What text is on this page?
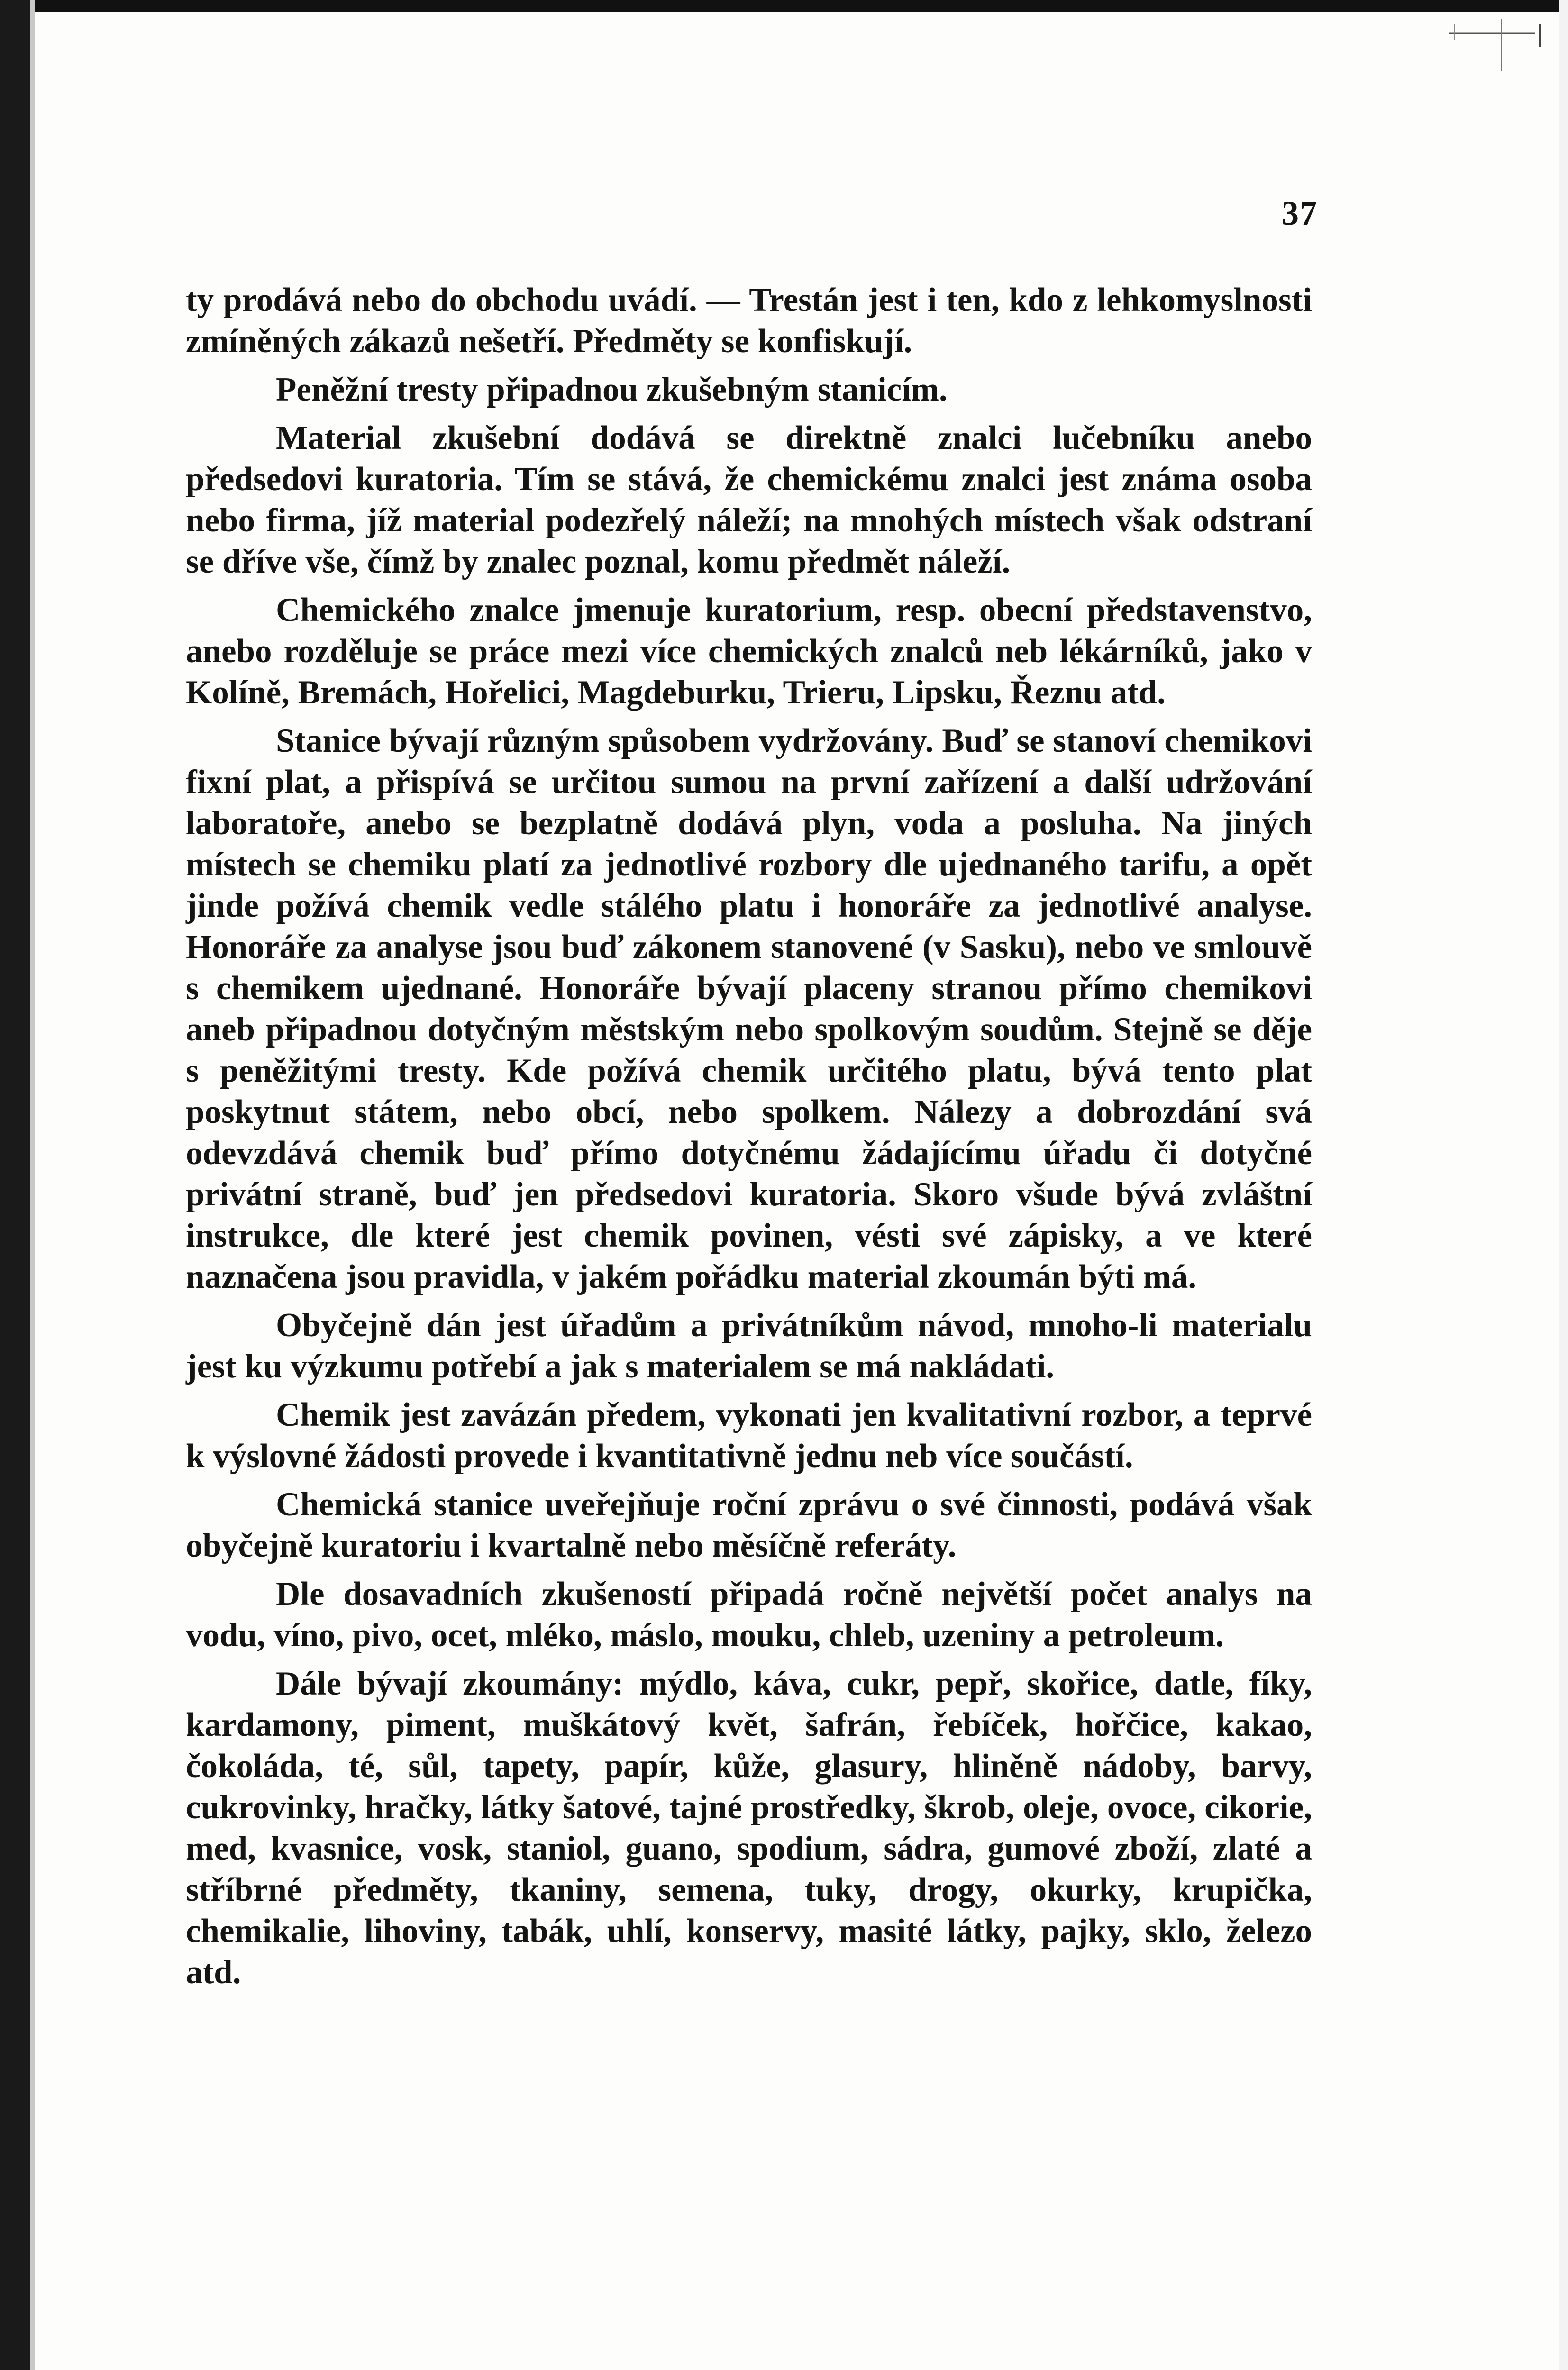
37

ty prodává nebo do obchodu uvádí. — Trestán jest i ten, kdo z lehkomyslnosti zmíněných zákazů nešetří. Předměty se konfiskují.

Peněžní tresty připadnou zkušebným stanicím.

Material zkušební dodává se direktně znalci lučebníku anebo předsedovi kuratoria. Tím se stává, že chemickému znalci jest známa osoba nebo firma, jíž material podezřelý náleží; na mnohých místech však odstraní se dříve vše, čímž by znalec poznal, komu předmět náleží.

Chemického znalce jmenuje kuratorium, resp. obecní představenstvo, anebo rozděluje se práce mezi více chemických znalců neb lékárníků, jako v Kolíně, Bremách, Hořelici, Magdeburku, Trieru, Lipsku, Řeznu atd.

Stanice bývají různým spůsobem vydržovány. Buď se stanoví chemikovi fixní plat, a přispívá se určitou sumou na první zařízení a další udržování laboratoře, anebo se bezplatně dodává plyn, voda a posluha. Na jiných místech se chemiku platí za jednotlivé rozbory dle ujednaného tarifu, a opět jinde požívá chemik vedle stálého platu i honoráře za jednotlivé analyse. Honoráře za analyse jsou buď zákonem stanovené (v Sasku), nebo ve smlouvě s chemikem ujednané. Honoráře bývají placeny stranou přímo chemikovi aneb připadnou dotyčným městským nebo spolkovým soudům. Stejně se děje s peněžitými tresty. Kde požívá chemik určitého platu, bývá tento plat poskytnut státem, nebo obcí, nebo spolkem. Nálezy a dobrozdání svá odevzdává chemik buď přímo dotyčnému žádajícímu úřadu či dotyčné privátní straně, buď jen předsedovi kuratoria. Skoro všude bývá zvláštní instrukce, dle které jest chemik povinen, vésti své zápisky, a ve které naznačena jsou pravidla, v jakém pořádku material zkoumán býti má.

Obyčejně dán jest úřadům a privátníkům návod, mnoho-li materialu jest ku výzkumu potřebí a jak s materialem se má nakládati.

Chemik jest zavázán předem, vykonati jen kvalitativní rozbor, a teprvé k výslovné žádosti provede i kvantitativně jednu neb více součástí.

Chemická stanice uveřejňuje roční zprávu o své činnosti, podává však obyčejně kuratoriu i kvartalně nebo měsíčně referáty.

Dle dosavadních zkušeností připadá ročně největší počet analys na vodu, víno, pivo, ocet, mléko, máslo, mouku, chleb, uzeniny a petroleum.

Dále bývají zkoumány: mýdlo, káva, cukr, pepř, skořice, datle, fíky, kardamony, piment, muškátový květ, šafrán, řebíček, hořčice, kakao, čokoláda, té, sůl, tapety, papír, kůže, glasury, hliněně nádoby, barvy, cukrovinky, hračky, látky šatové, tajné prostředky, škrob, oleje, ovoce, cikorie, med, kvasnice, vosk, staniol, guano, spodium, sádra, gumové zboží, zlaté a stříbrné předměty, tkaniny, semena, tuky, drogy, okurky, krupička, chemikalie, lihoviny, tabák, uhlí, konservy, masité látky, pajky, sklo, železo atd.
